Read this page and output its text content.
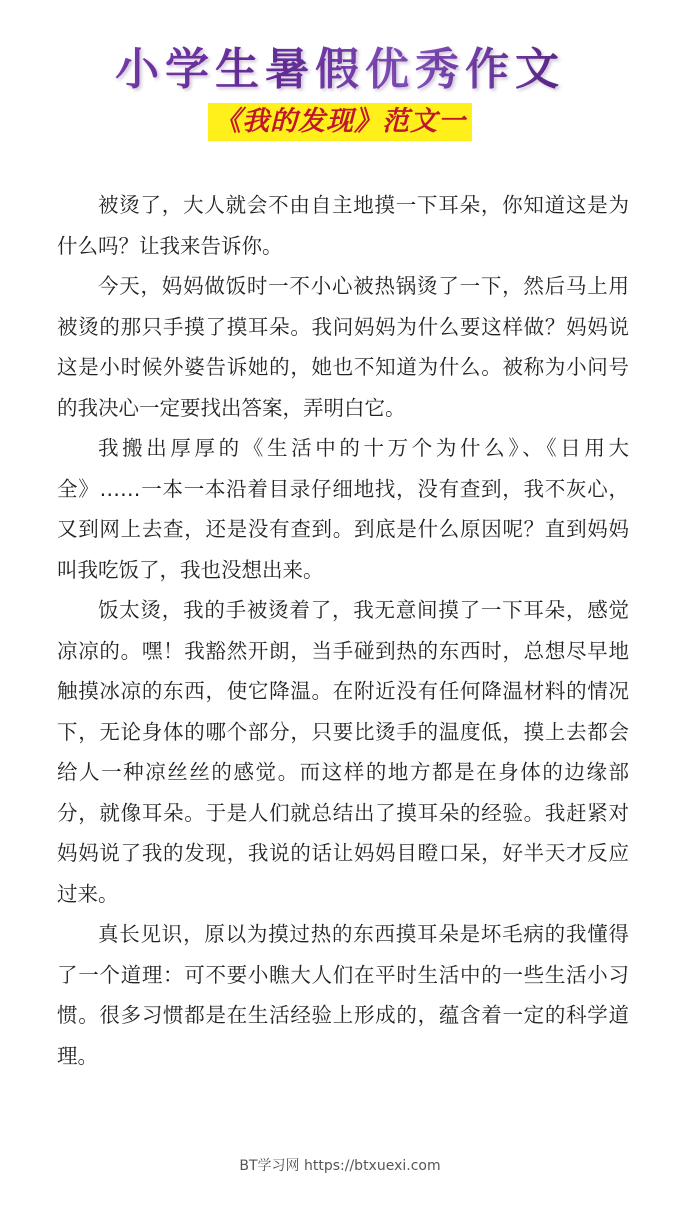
小学生暑假优秀作文
《我的发现》范文一

被烫了，大人就会不由自主地摸一下耳朵，你知道这是为什么吗？让我来告诉你。

今天，妈妈做饭时一不小心被热锅烫了一下，然后马上用被烫的那只手摸了摸耳朵。我问妈妈为什么要这样做？妈妈说这是小时候外婆告诉她的，她也不知道为什么。被称为小问号的我决心一定要找出答案，弄明白它。

我搬出厚厚的《生活中的十万个为什么》、《日用大全》……一本一本沿着目录仔细地找，没有查到，我不灰心，又到网上去查，还是没有查到。到底是什么原因呢？直到妈妈叫我吃饭了，我也没想出来。

饭太烫，我的手被烫着了，我无意间摸了一下耳朵，感觉凉凉的。嘿！我豁然开朗，当手碰到热的东西时，总想尽早地触摸冰凉的东西，使它降温。在附近没有任何降温材料的情况下，无论身体的哪个部分，只要比烫手的温度低，摸上去都会给人一种凉丝丝的感觉。而这样的地方都是在身体的边缘部分，就像耳朵。于是人们就总结出了摸耳朵的经验。我赶紧对妈妈说了我的发现，我说的话让妈妈目瞪口呆，好半天才反应过来。

真长见识，原以为摸过热的东西摸耳朵是坏毛病的我懂得了一个道理：可不要小瞧大人们在平时生活中的一些生活小习惯。很多习惯都是在生活经验上形成的，蕴含着一定的科学道理。

BT学习网 https://btxuexi.com
